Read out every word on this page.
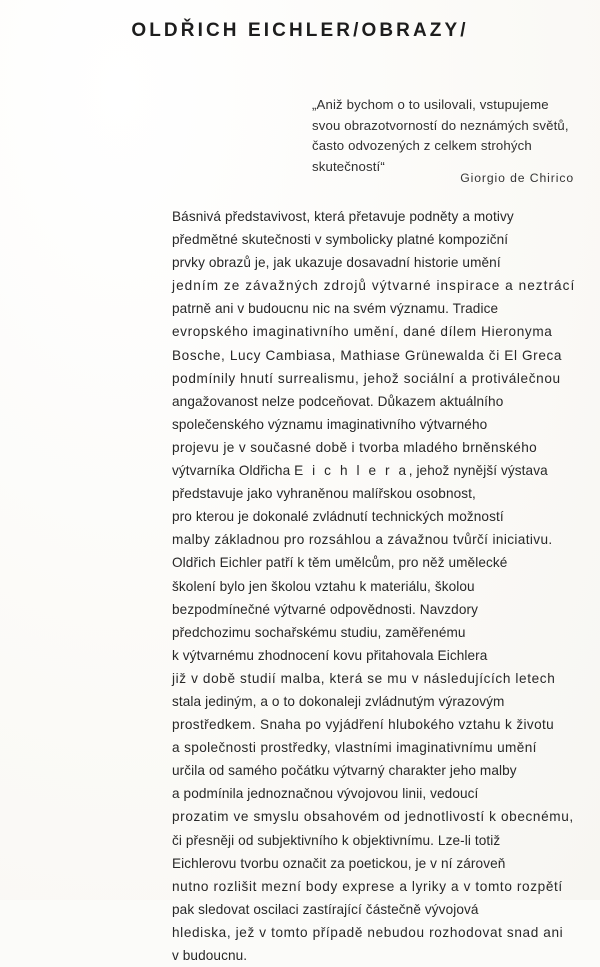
OLDŘICH EICHLER/OBRAZY/
„Aniž bychom o to usilovali, vstupujeme svou obrazotvorností do neznámých světů, často odvozených z celkem strohých skutečností“
Giorgio de Chirico
Básnivá představivost, která přetavuje podněty a motivy
předmětné skutečnosti v symbolicky platné kompoziční
prvky obrazů je, jak ukazuje dosavadní historie umění
jedním ze závažných zdrojů výtvarné inspirace a neztrácí
patrně ani v budoucnu nic na svém významu. Tradice
evropského imaginativního umění, dané dílem Hieronyma
Bosche, Lucy Cambiasa, Mathiase Grünewalda či El Greca
podmínily hnutí surrealismu, jehož sociální a protiválečnou
angažovanost nelze podceňovat. Důkazem aktuálního
společenského významu imaginativního výtvarného
projevu je v současné době i tvorba mladého brněnského
výtvarníka Oldřicha E i c h l e r a, jehož nynější výstava
představuje jako vyhraněnou malířskou osobnost,
pro kterou je dokonalé zvládnutí technických možností
malby základnou pro rozsáhlou a závažnou tvůrčí iniciativu.
Oldřich Eichler patří k těm umělcům, pro něž umělecké
školení bylo jen školou vztahu k materiálu, školou
bezpodmínečné výtvarné odpovědnosti. Navzdory
předchozimu sochařskému studiu, zaměřenému
k výtvarnému zhodnocení kovu přitahovala Eichlera
již v době studií malba, která se mu v následujících letech
stala jediným, a o to dokonaleji zvládnutým výrazovým
prostředkem. Snaha po vyjádření hlubokého vztahu k životu
a společnosti prostředky, vlastními imaginativnímu umění
určila od samého počátku výtvarný charakter jeho malby
a podmínila jednoznačnou vývojovou linii, vedoucí
prozatim ve smyslu obsahovém od jednotlivostí k obecnému,
či přesněji od subjektivního k objektivnímu. Lze-li totiž
Eichlerovu tvorbu označit za poetickou, je v ní zároveň
nutno rozlišit mezní body exprese a lyriky a v tomto rozpětí
pak sledovat oscilaci zastírající částečně vývojová
hlediska, jež v tomto případě nebudou rozhodovat snad ani
v budoucnu.
